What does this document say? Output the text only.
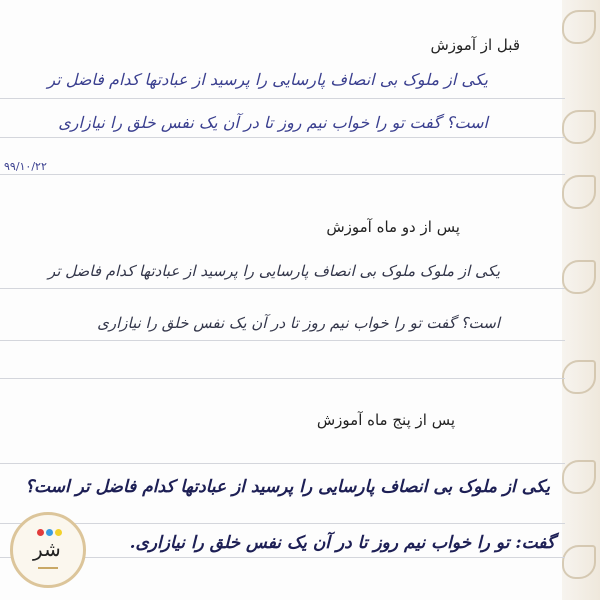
قبل از آموزش
یکی از ملوک بی انصاف پارسایی را پرسید از عبادتها کدام فاضل تر
است؟ گفت تو را خواب نیم روز تا در آن یک نفس خلق را نیازاری
۹۹/۱۰/۲۲
پس از دو ماه آموزش
یکی از ملوک ملوک بی انصاف پارسایی را پرسید از عبادتها کدام فاضل تر
است؟ گفت تو را خواب نیم روز تا در آن یک نفس خلق را نیازاری
پس از پنج ماه آموزش
یکی از ملوک بی انصاف پارسایی را پرسید از عبادتها کدام فاضل تر است؟
گفت: تو را خواب نیم روز تا در آن یک نفس خلق را نیازاری.
ﺷﺮ
